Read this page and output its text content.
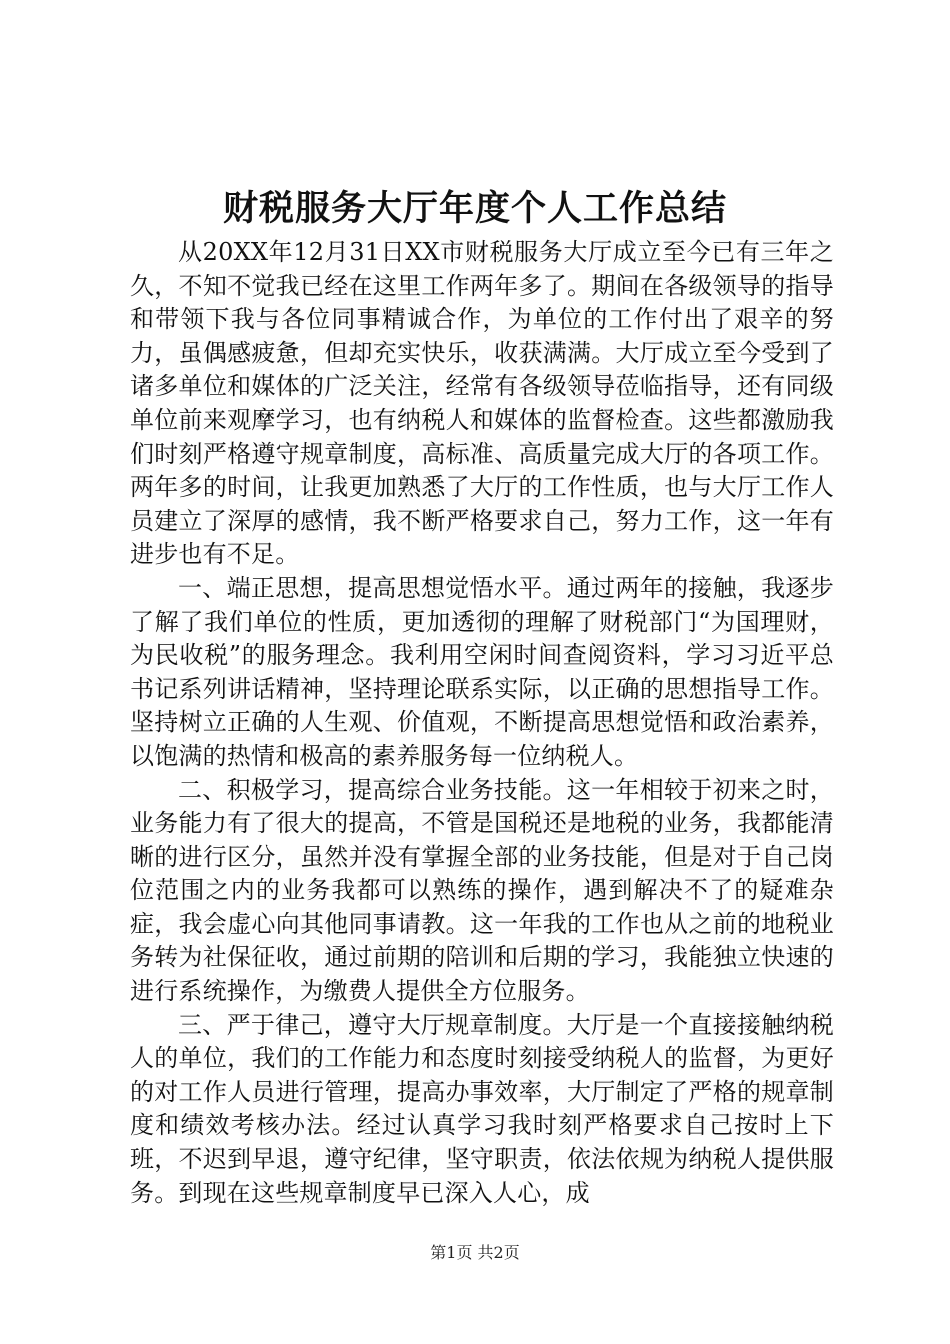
财税服务大厅年度个人工作总结

从20XX年12月31日XX市财税服务大厅成立至今已有三年之久，不知不觉我已经在这里工作两年多了。期间在各级领导的指导和带领下我与各位同事精诚合作，为单位的工作付出了艰辛的努力，虽偶感疲惫，但却充实快乐，收获满满。大厅成立至今受到了诸多单位和媒体的广泛关注，经常有各级领导莅临指导，还有同级单位前来观摩学习，也有纳税人和媒体的监督检查。这些都激励我们时刻严格遵守规章制度，高标准、高质量完成大厅的各项工作。两年多的时间，让我更加熟悉了大厅的工作性质，也与大厅工作人员建立了深厚的感情，我不断严格要求自己，努力工作，这一年有进步也有不足。

一、端正思想，提高思想觉悟水平。通过两年的接触，我逐步了解了我们单位的性质，更加透彻的理解了财税部门“为国理财，为民收税”的服务理念。我利用空闲时间查阅资料，学习习近平总书记系列讲话精神，坚持理论联系实际，以正确的思想指导工作。坚持树立正确的人生观、价值观，不断提高思想觉悟和政治素养，以饱满的热情和极高的素养服务每一位纳税人。

二、积极学习，提高综合业务技能。这一年相较于初来之时，业务能力有了很大的提高，不管是国税还是地税的业务，我都能清晰的进行区分，虽然并没有掌握全部的业务技能，但是对于自己岗位范围之内的业务我都可以熟练的操作，遇到解决不了的疑难杂症，我会虚心向其他同事请教。这一年我的工作也从之前的地税业务转为社保征收，通过前期的陪训和后期的学习，我能独立快速的进行系统操作，为缴费人提供全方位服务。

三、严于律己，遵守大厅规章制度。大厅是一个直接接触纳税人的单位，我们的工作能力和态度时刻接受纳税人的监督，为更好的对工作人员进行管理，提高办事效率，大厅制定了严格的规章制度和绩效考核办法。经过认真学习我时刻严格要求自己按时上下班，不迟到早退，遵守纪律，坚守职责，依法依规为纳税人提供服务。到现在这些规章制度早已深入人心，成

第1页 共2页
